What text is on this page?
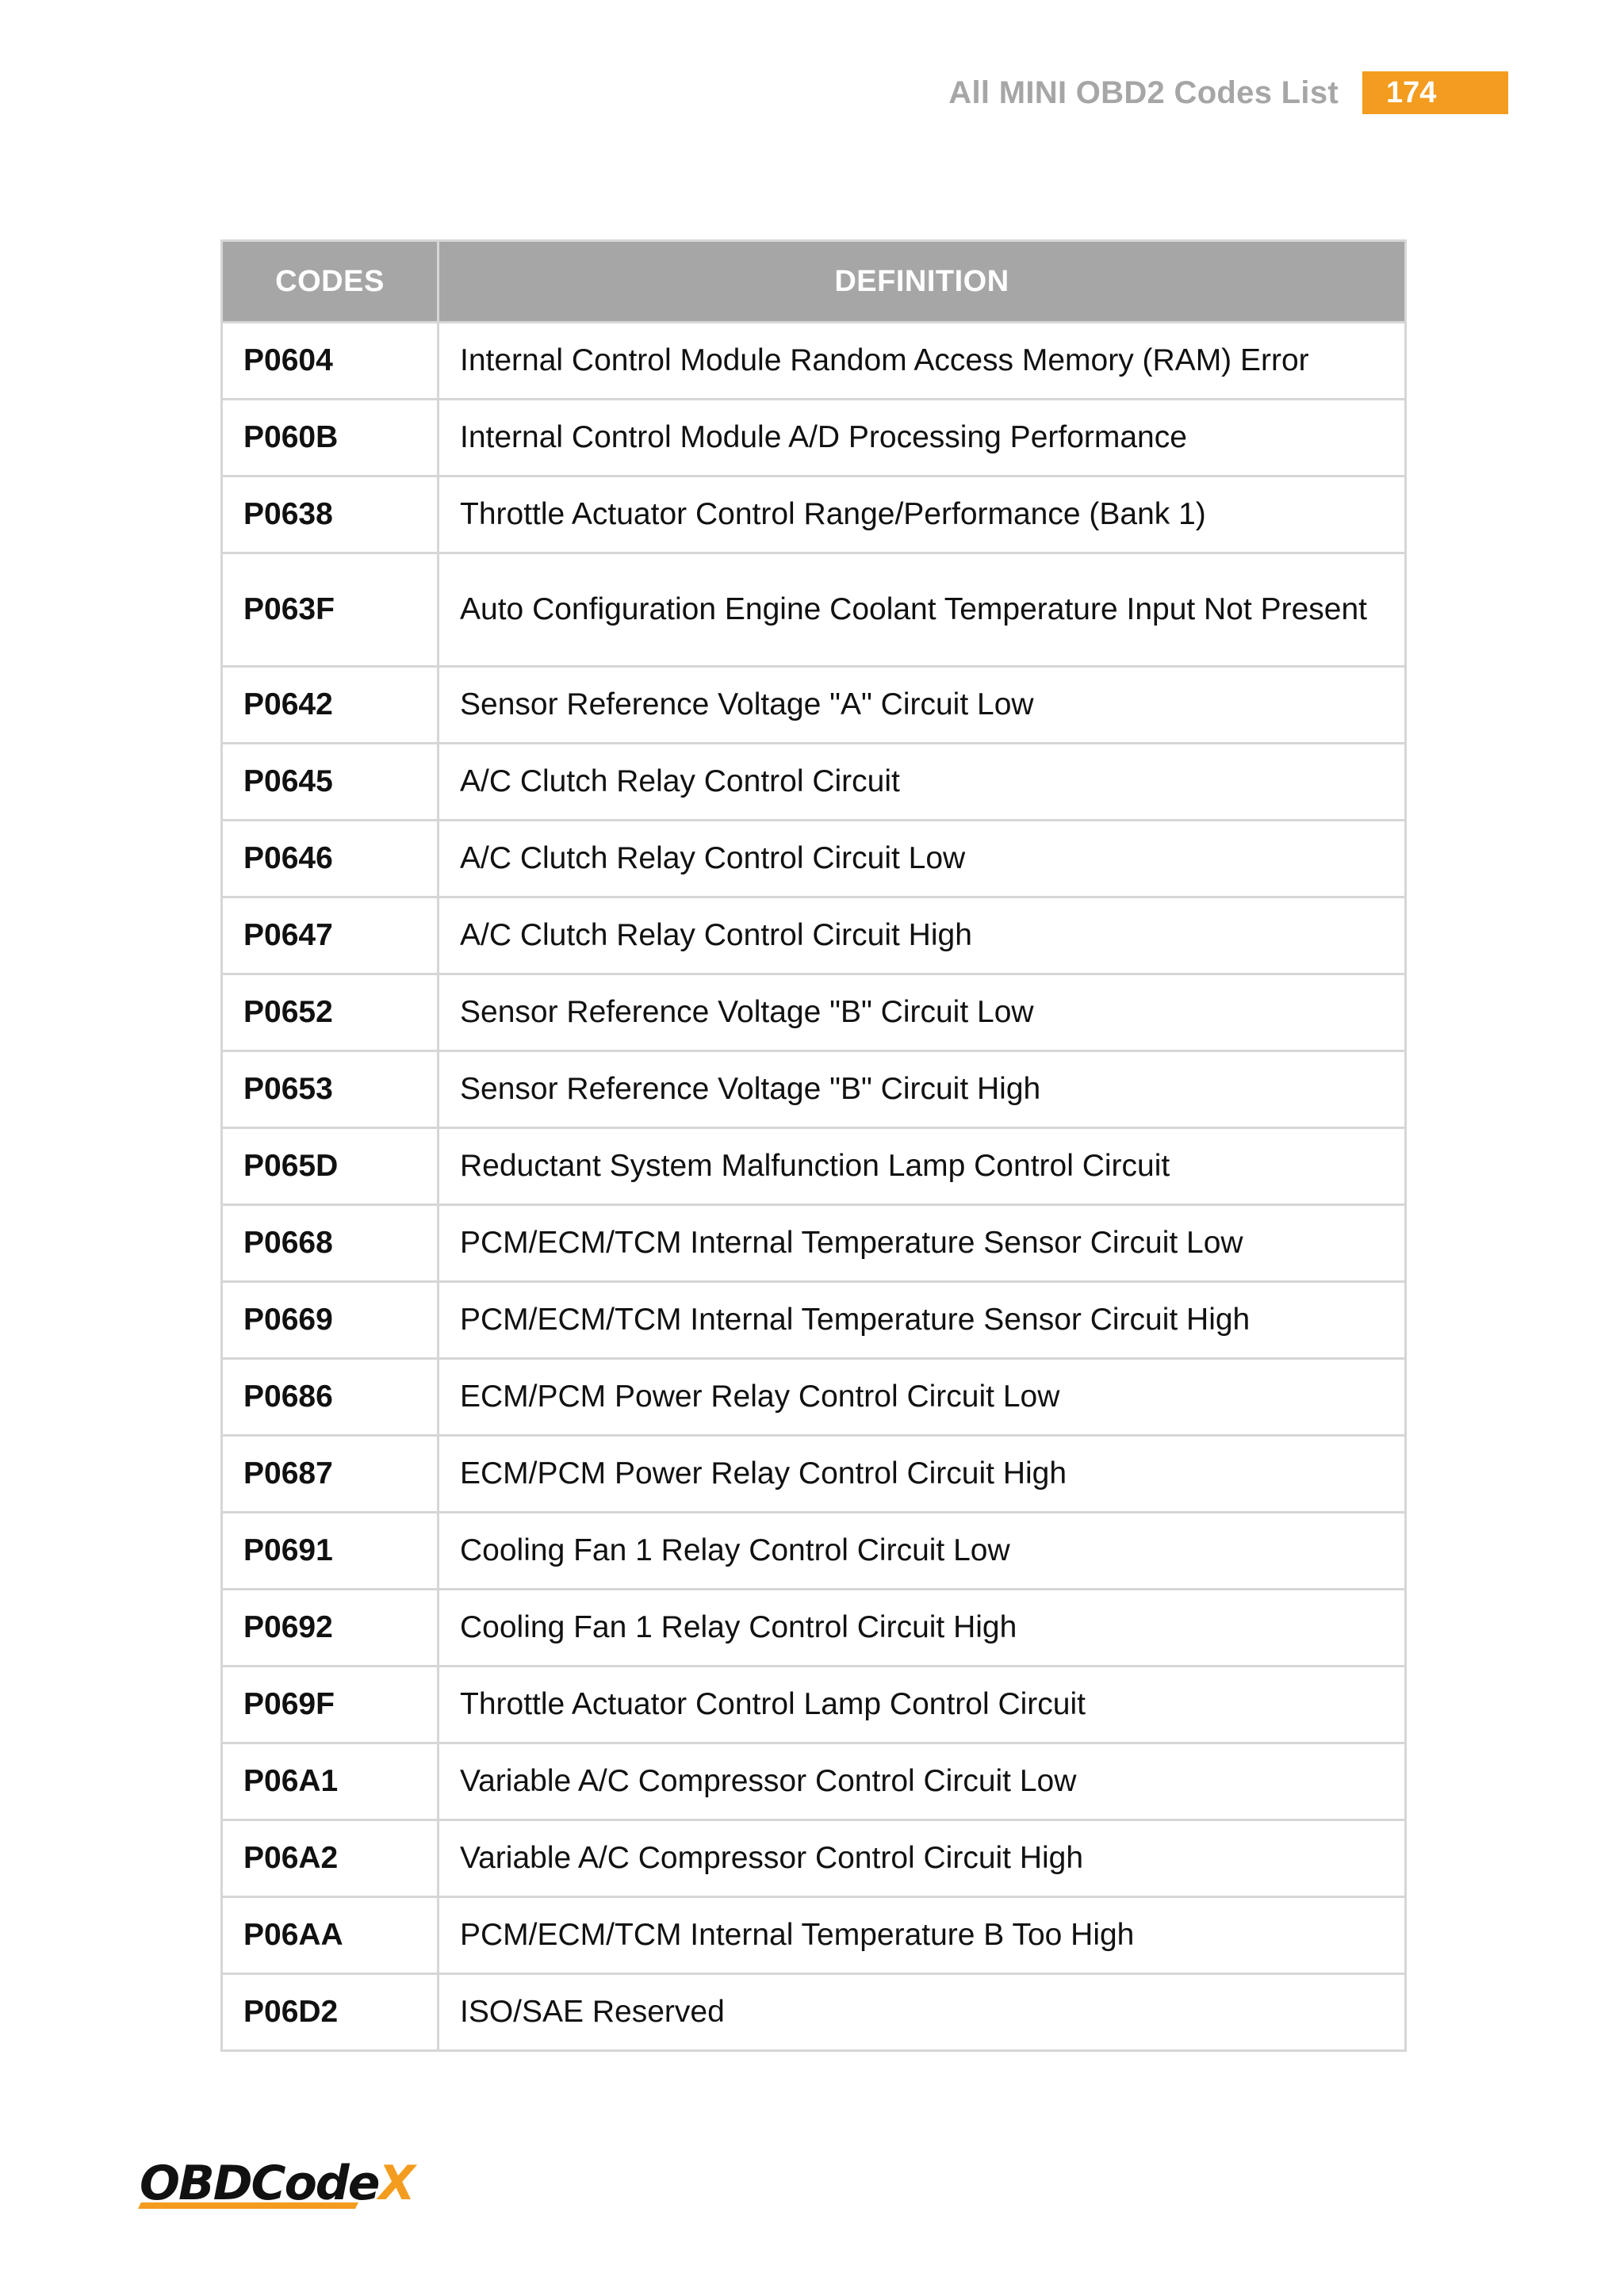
All MINI OBD2 Codes List	174
CODES	DEFINITION
P0604	Internal Control Module Random Access Memory (RAM) Error
P060B	Internal Control Module A/D Processing Performance
P0638	Throttle Actuator Control Range/Performance (Bank 1)
P063F	Auto Configuration Engine Coolant Temperature Input Not Present
P0642	Sensor Reference Voltage "A" Circuit Low
P0645	A/C Clutch Relay Control Circuit
P0646	A/C Clutch Relay Control Circuit Low
P0647	A/C Clutch Relay Control Circuit High
P0652	Sensor Reference Voltage "B" Circuit Low
P0653	Sensor Reference Voltage "B" Circuit High
P065D	Reductant System Malfunction Lamp Control Circuit
P0668	PCM/ECM/TCM Internal Temperature Sensor Circuit Low
P0669	PCM/ECM/TCM Internal Temperature Sensor Circuit High
P0686	ECM/PCM Power Relay Control Circuit Low
P0687	ECM/PCM Power Relay Control Circuit High
P0691	Cooling Fan 1 Relay Control Circuit Low
P0692	Cooling Fan 1 Relay Control Circuit High
P069F	Throttle Actuator Control Lamp Control Circuit
P06A1	Variable A/C Compressor Control Circuit Low
P06A2	Variable A/C Compressor Control Circuit High
P06AA	PCM/ECM/TCM Internal Temperature B Too High
P06D2	ISO/SAE Reserved
OBDCodeX
